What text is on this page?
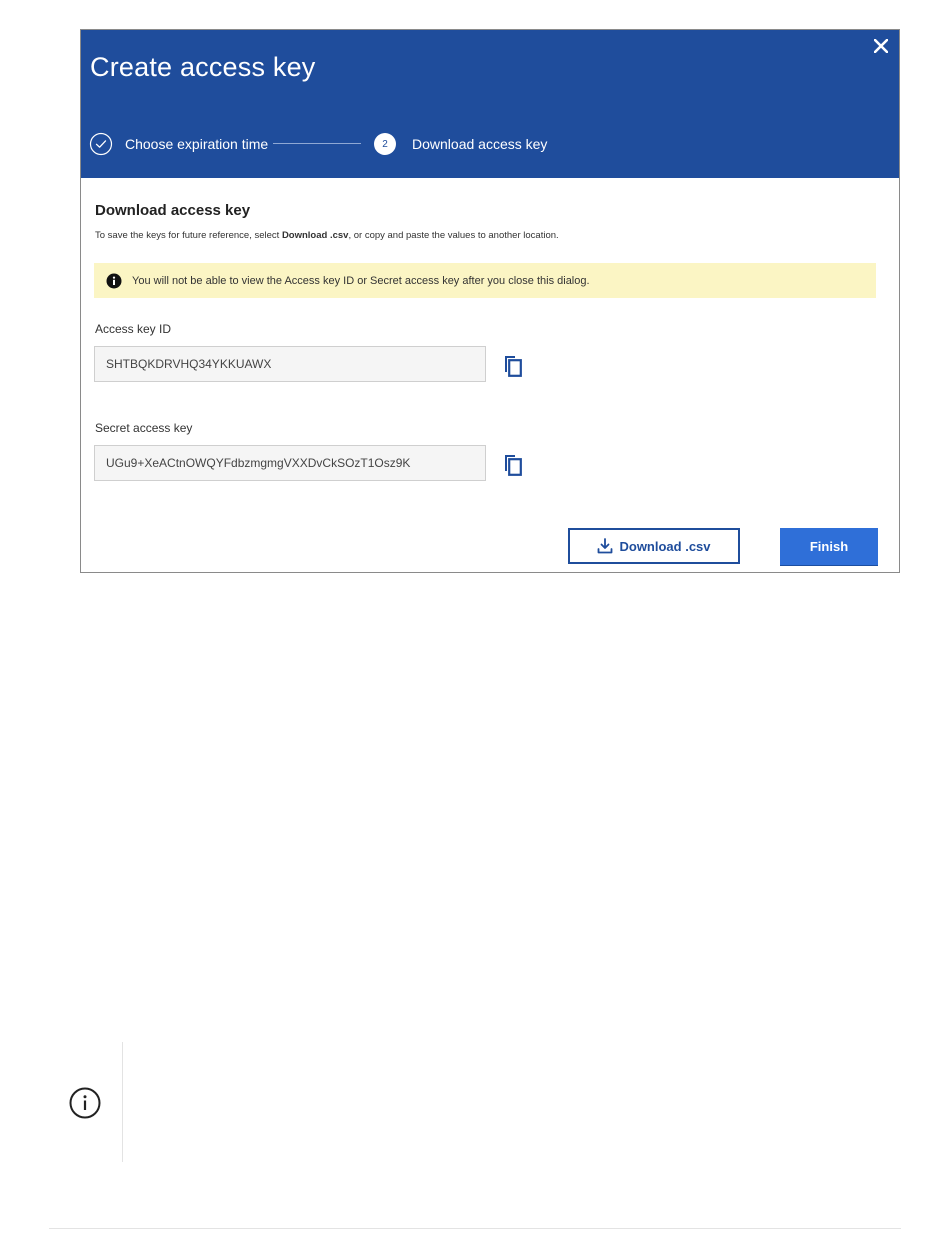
Create access key
Choose expiration time	2	Download access key
Download access key
To save the keys for future reference, select Download .csv, or copy and paste the values to another location.
You will not be able to view the Access key ID or Secret access key after you close this dialog.
Access key ID
SHTBQKDRVHQ34YKKUAWX
Secret access key
UGu9+XeACtnOWQYFdbzmgmgVXXDvCkSOzT1Osz9K
Download .csv	Finish
